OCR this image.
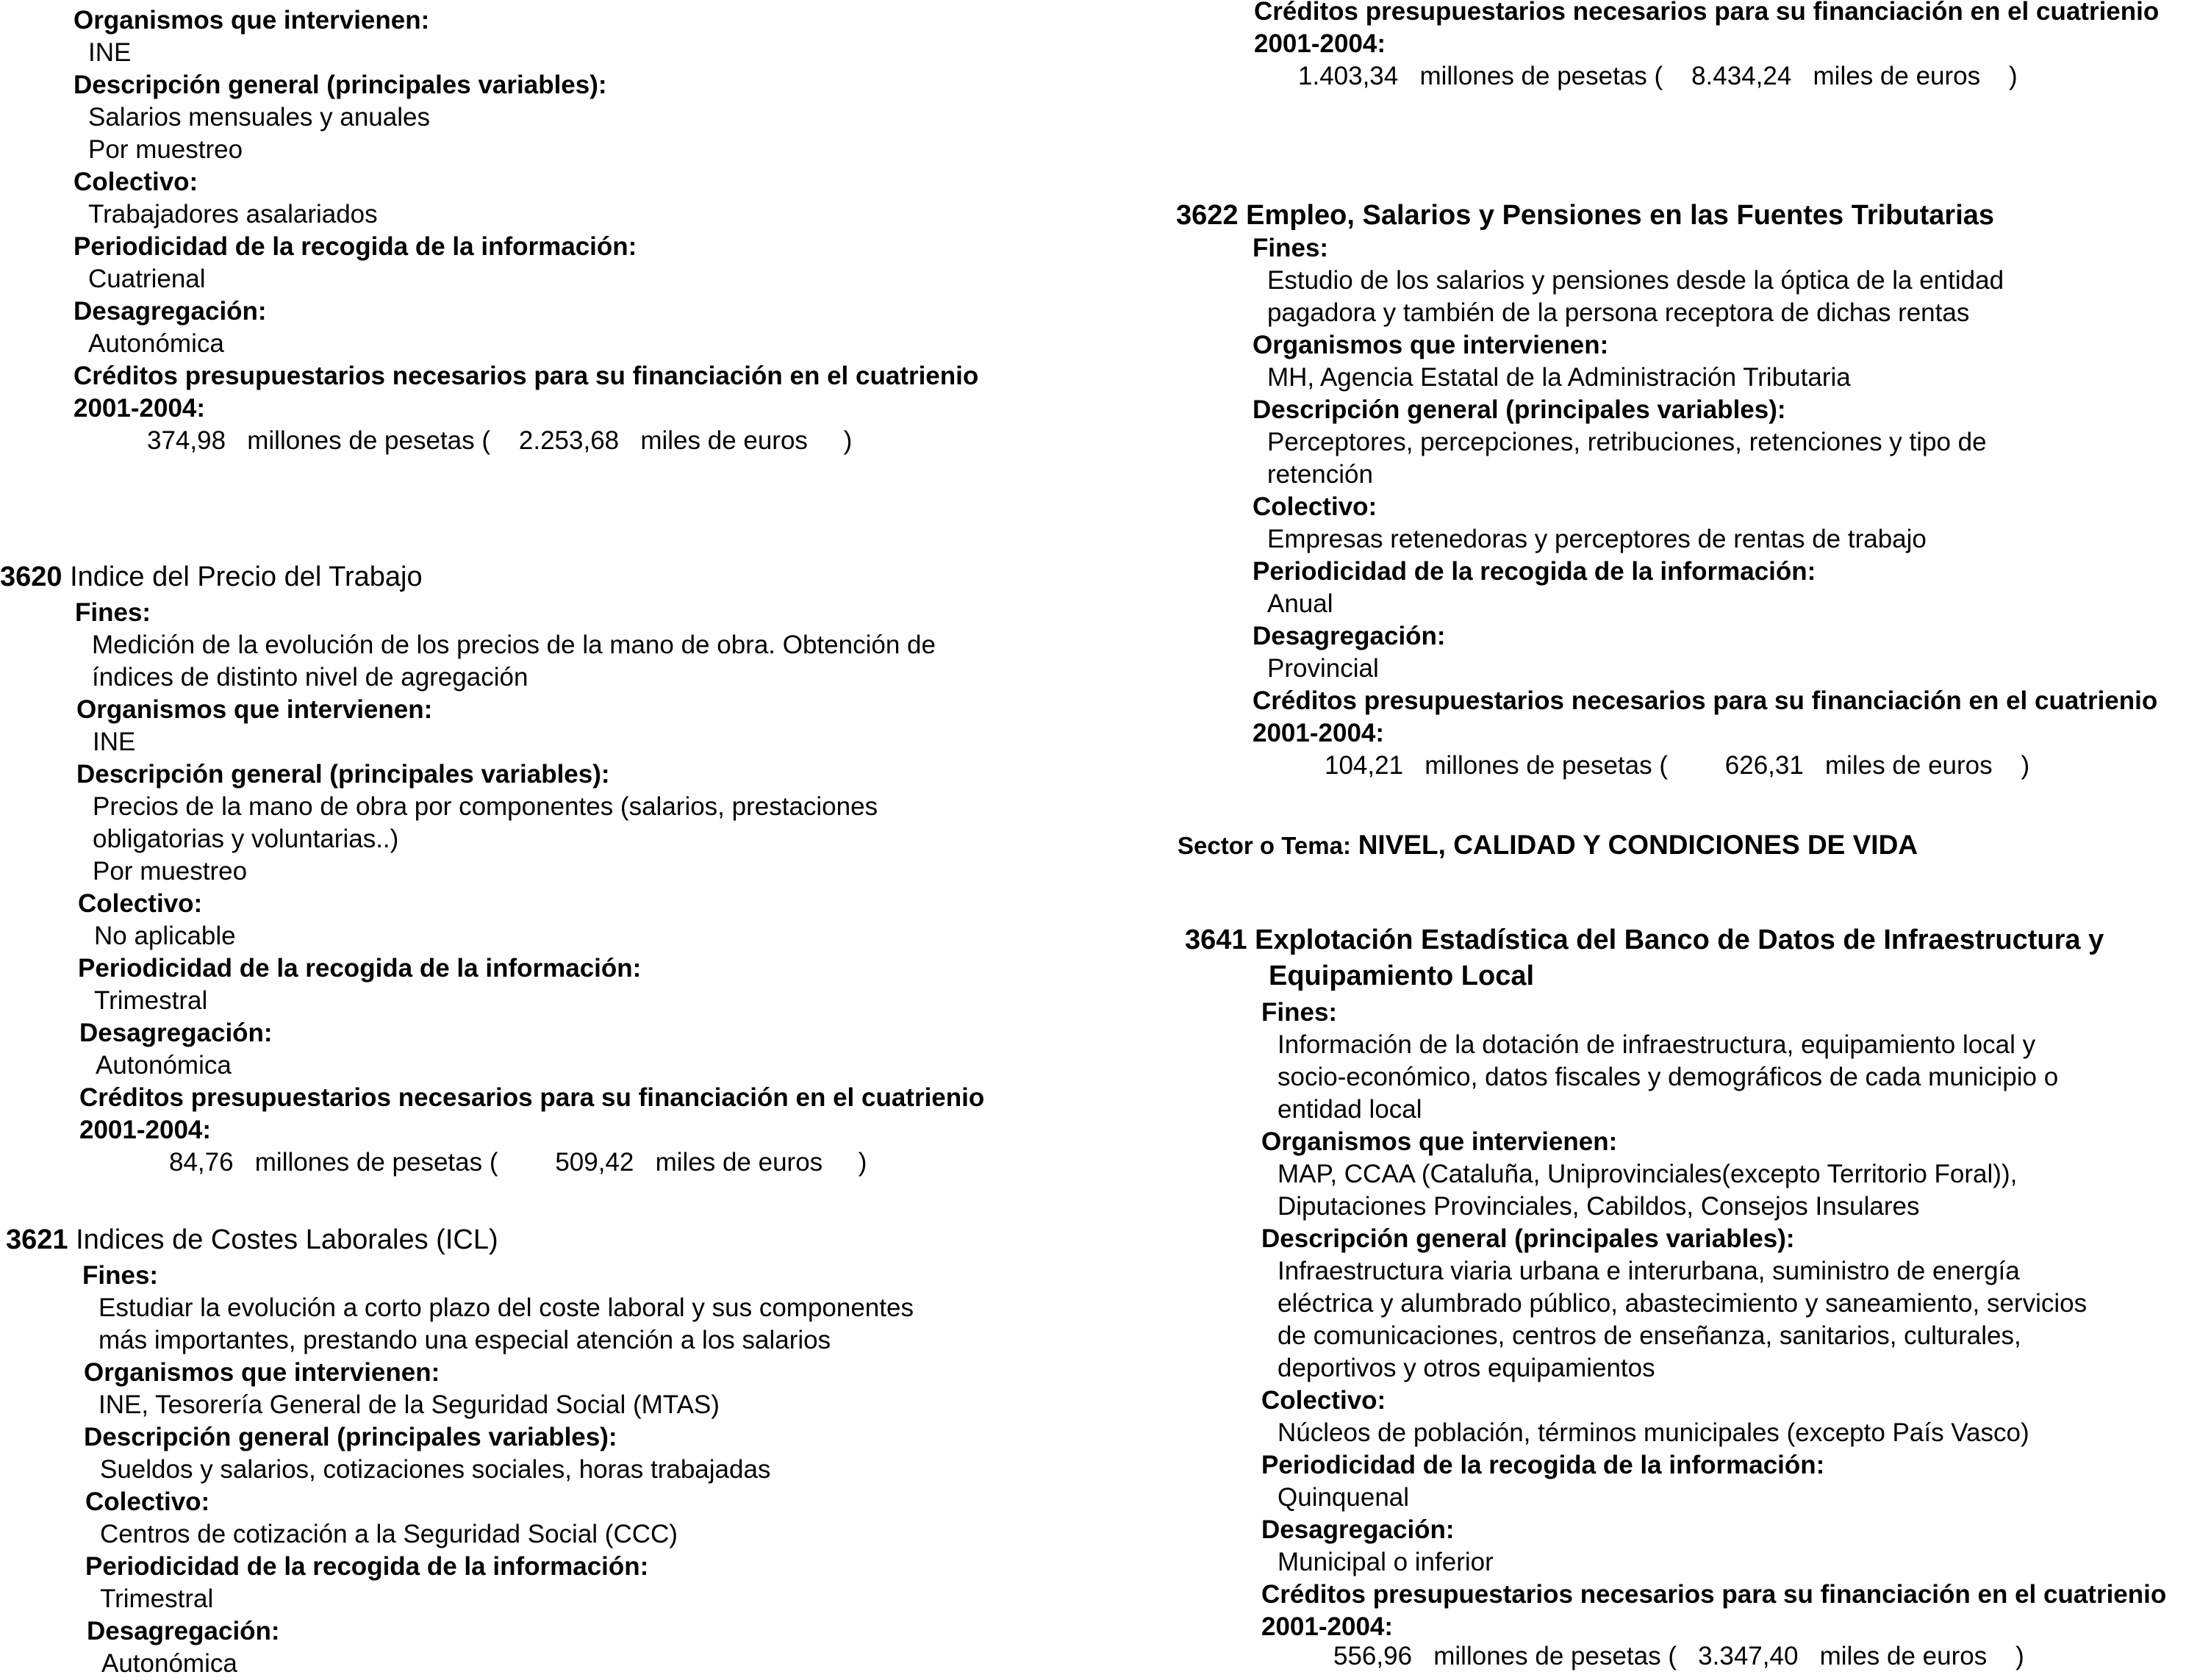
Organismos que intervienen:
INE
Descripción general (principales variables):
Salarios mensuales y anuales
Por muestreo
Colectivo:
Trabajadores asalariados
Periodicidad de la recogida de la información:
Cuatrienal
Desagregación:
Autonómica
Créditos presupuestarios necesarios para su financiación en el cuatrienio
2001-2004:
374,98 millones de pesetas ( 2.253,68 miles de euros )
3620 Indice del Precio del Trabajo
Fines:
Medición de la evolución de los precios de la mano de obra. Obtención de
índices de distinto nivel de agregación
Organismos que intervienen:
INE
Descripción general (principales variables):
Precios de la mano de obra por componentes (salarios, prestaciones
obligatorias y voluntarias..)
Por muestreo
Colectivo:
No aplicable
Periodicidad de la recogida de la información:
Trimestral
Desagregación:
Autonómica
Créditos presupuestarios necesarios para su financiación en el cuatrienio
2001-2004:
84,76 millones de pesetas ( 509,42 miles de euros )
3621 Indices de Costes Laborales (ICL)
Fines:
Estudiar la evolución a corto plazo del coste laboral y sus componentes
más importantes, prestando una especial atención a los salarios
Organismos que intervienen:
INE, Tesorería General de la Seguridad Social (MTAS)
Descripción general (principales variables):
Sueldos y salarios, cotizaciones sociales, horas trabajadas
Colectivo:
Centros de cotización a la Seguridad Social (CCC)
Periodicidad de la recogida de la información:
Trimestral
Desagregación:
Autonómica
Créditos presupuestarios necesarios para su financiación en el cuatrienio
2001-2004:
1.403,34 millones de pesetas ( 8.434,24 miles de euros )
3622 Empleo, Salarios y Pensiones en las Fuentes Tributarias
Fines:
Estudio de los salarios y pensiones desde la óptica de la entidad
pagadora y también de la persona receptora de dichas rentas
Organismos que intervienen:
MH, Agencia Estatal de la Administración Tributaria
Descripción general (principales variables):
Perceptores, percepciones, retribuciones, retenciones y tipo de
retención
Colectivo:
Empresas retenedoras y perceptores de rentas de trabajo
Periodicidad de la recogida de la información:
Anual
Desagregación:
Provincial
Créditos presupuestarios necesarios para su financiación en el cuatrienio
2001-2004:
104,21 millones de pesetas ( 626,31 miles de euros )
Sector o Tema: NIVEL, CALIDAD Y CONDICIONES DE VIDA
3641 Explotación Estadística del Banco de Datos de Infraestructura y
Equipamiento Local
Fines:
Información de la dotación de infraestructura, equipamiento local y
socio-económico, datos fiscales y demográficos de cada municipio o
entidad local
Organismos que intervienen:
MAP, CCAA (Cataluña, Uniprovinciales(excepto Territorio Foral)),
Diputaciones Provinciales, Cabildos, Consejos Insulares
Descripción general (principales variables):
Infraestructura viaria urbana e interurbana, suministro de energía
eléctrica y alumbrado público, abastecimiento y saneamiento, servicios
de comunicaciones, centros de enseñanza, sanitarios, culturales,
deportivos y otros equipamientos
Colectivo:
Núcleos de población, términos municipales (excepto País Vasco)
Periodicidad de la recogida de la información:
Quinquenal
Desagregación:
Municipal o inferior
Créditos presupuestarios necesarios para su financiación en el cuatrienio
2001-2004:
556,96 millones de pesetas ( 3.347,40 miles de euros )
